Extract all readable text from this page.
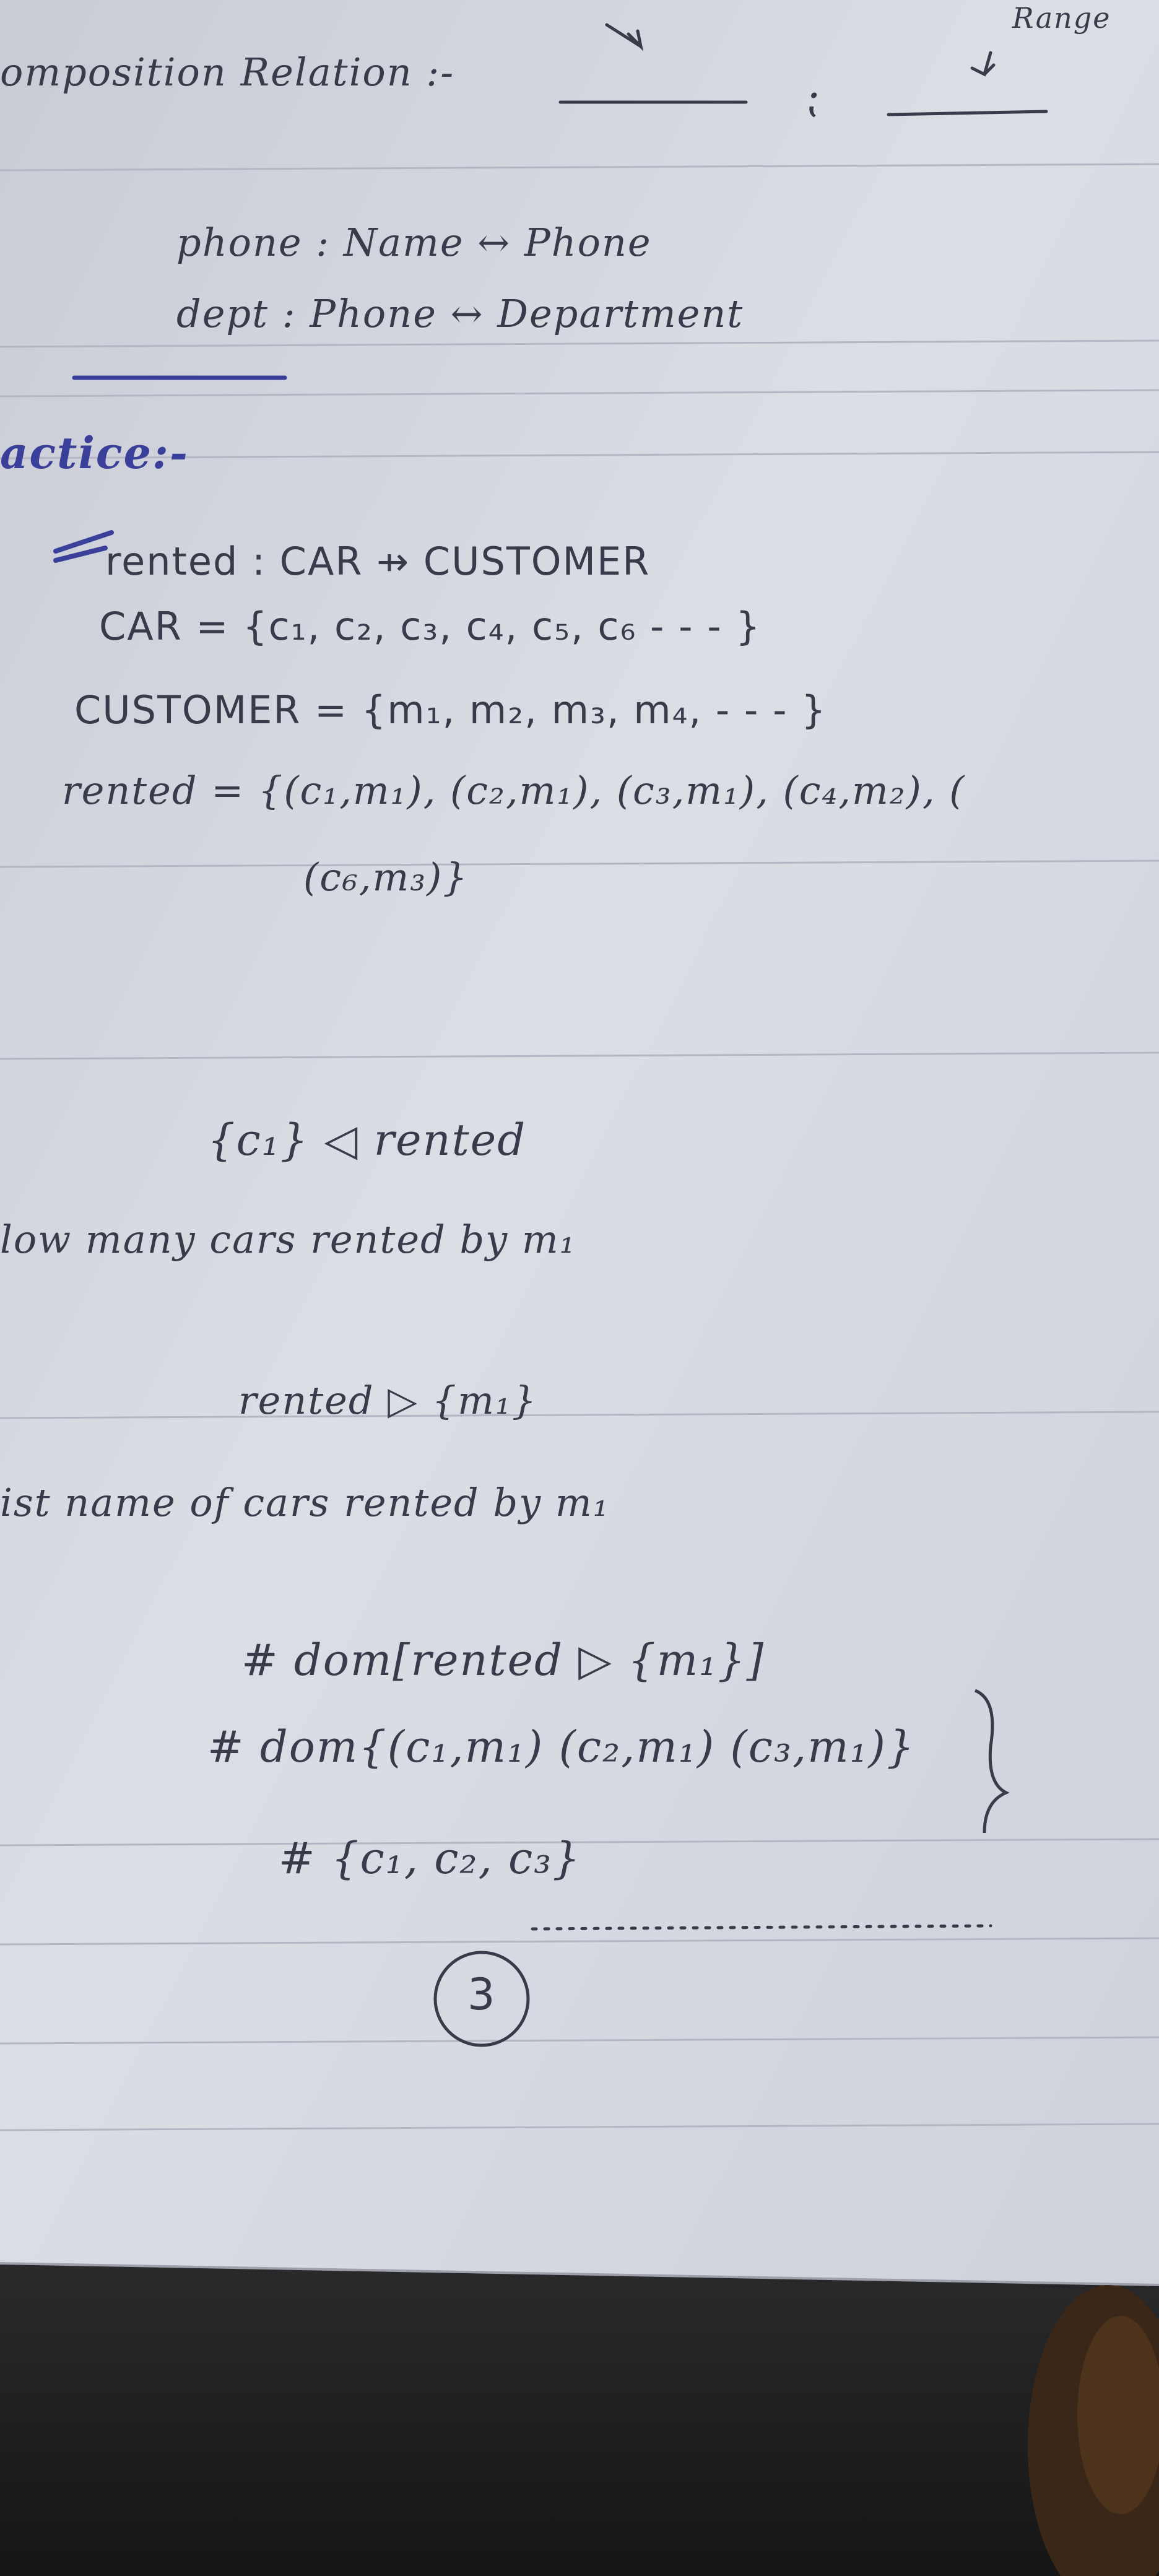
Range
omposition Relation :-	⁏
phone : Name ↔ Phone
dept : Phone ↔ Department
actice:-
rented : CAR ⇸ CUSTOMER
CAR = {c₁, c₂, c₃, c₄, c₅, c₆ - - - }
CUSTOMER = {m₁, m₂, m₃, m₄, - - - }
rented = {(c₁,m₁), (c₂,m₁), (c₃,m₁), (c₄,m₂), (
(c₆,m₃)}
{c₁} ◁ rented
low many cars rented by m₁
rented ▷ {m₁}
ist name of cars rented by m₁
# dom[rented ▷ {m₁}]
# dom{(c₁,m₁) (c₂,m₁) (c₃,m₁)}
# {c₁, c₂, c₃}
3
